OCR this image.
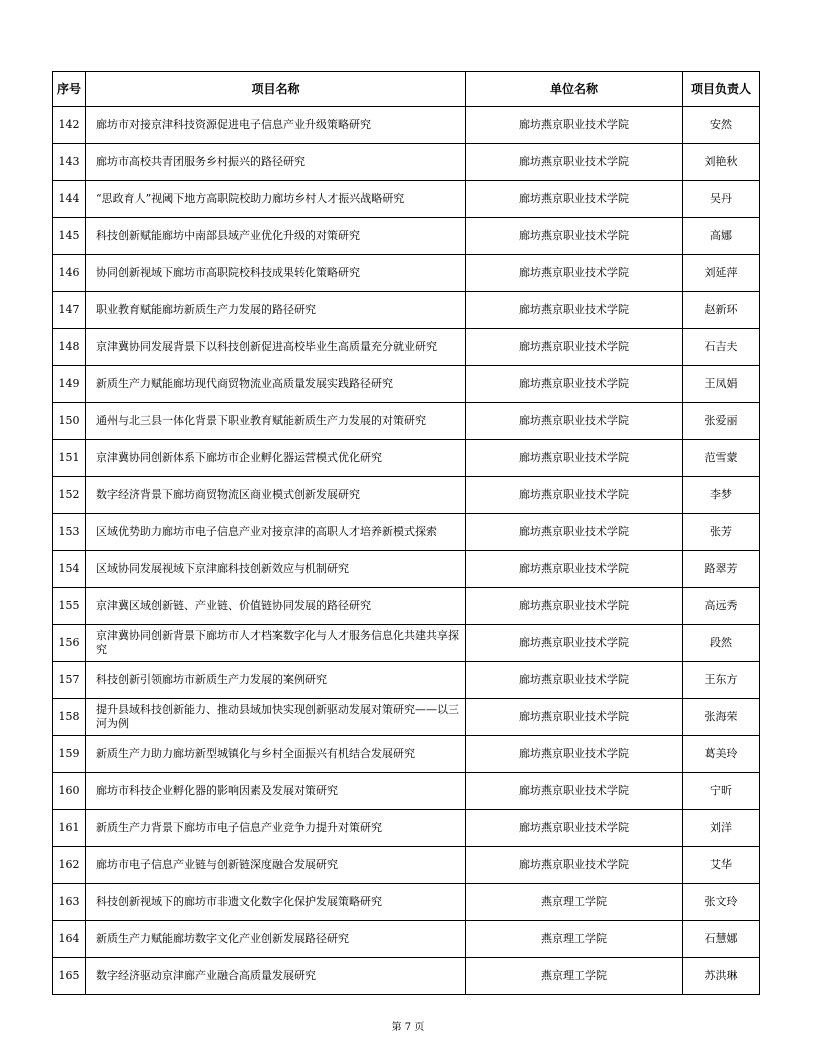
序号	项目名称	单位名称	项目负责人
142	廊坊市对接京津科技资源促进电子信息产业升级策略研究	廊坊燕京职业技术学院	安然
143	廊坊市高校共青团服务乡村振兴的路径研究	廊坊燕京职业技术学院	刘艳秋
144	“思政育人”视阈下地方高职院校助力廊坊乡村人才振兴战略研究	廊坊燕京职业技术学院	吴丹
145	科技创新赋能廊坊中南部县域产业优化升级的对策研究	廊坊燕京职业技术学院	高娜
146	协同创新视域下廊坊市高职院校科技成果转化策略研究	廊坊燕京职业技术学院	刘延萍
147	职业教育赋能廊坊新质生产力发展的路径研究	廊坊燕京职业技术学院	赵新环
148	京津冀协同发展背景下以科技创新促进高校毕业生高质量充分就业研究	廊坊燕京职业技术学院	石吉夫
149	新质生产力赋能廊坊现代商贸物流业高质量发展实践路径研究	廊坊燕京职业技术学院	王凤娟
150	通州与北三县一体化背景下职业教育赋能新质生产力发展的对策研究	廊坊燕京职业技术学院	张爱丽
151	京津冀协同创新体系下廊坊市企业孵化器运营模式优化研究	廊坊燕京职业技术学院	范雪蒙
152	数字经济背景下廊坊商贸物流区商业模式创新发展研究	廊坊燕京职业技术学院	李梦
153	区域优势助力廊坊市电子信息产业对接京津的高职人才培养新模式探索	廊坊燕京职业技术学院	张芳
154	区域协同发展视域下京津廊科技创新效应与机制研究	廊坊燕京职业技术学院	路翠芳
155	京津冀区域创新链、产业链、价值链协同发展的路径研究	廊坊燕京职业技术学院	高远秀
156	京津冀协同创新背景下廊坊市人才档案数字化与人才服务信息化共建共享探究	廊坊燕京职业技术学院	段然
157	科技创新引领廊坊市新质生产力发展的案例研究	廊坊燕京职业技术学院	王东方
158	提升县域科技创新能力、推动县域加快实现创新驱动发展对策研究——以三河为例	廊坊燕京职业技术学院	张海荣
159	新质生产力助力廊坊新型城镇化与乡村全面振兴有机结合发展研究	廊坊燕京职业技术学院	葛美玲
160	廊坊市科技企业孵化器的影响因素及发展对策研究	廊坊燕京职业技术学院	宁昕
161	新质生产力背景下廊坊市电子信息产业竞争力提升对策研究	廊坊燕京职业技术学院	刘洋
162	廊坊市电子信息产业链与创新链深度融合发展研究	廊坊燕京职业技术学院	艾华
163	科技创新视域下的廊坊市非遗文化数字化保护发展策略研究	燕京理工学院	张文玲
164	新质生产力赋能廊坊数字文化产业创新发展路径研究	燕京理工学院	石慧娜
165	数字经济驱动京津廊产业融合高质量发展研究	燕京理工学院	苏洪琳
第 7 页
